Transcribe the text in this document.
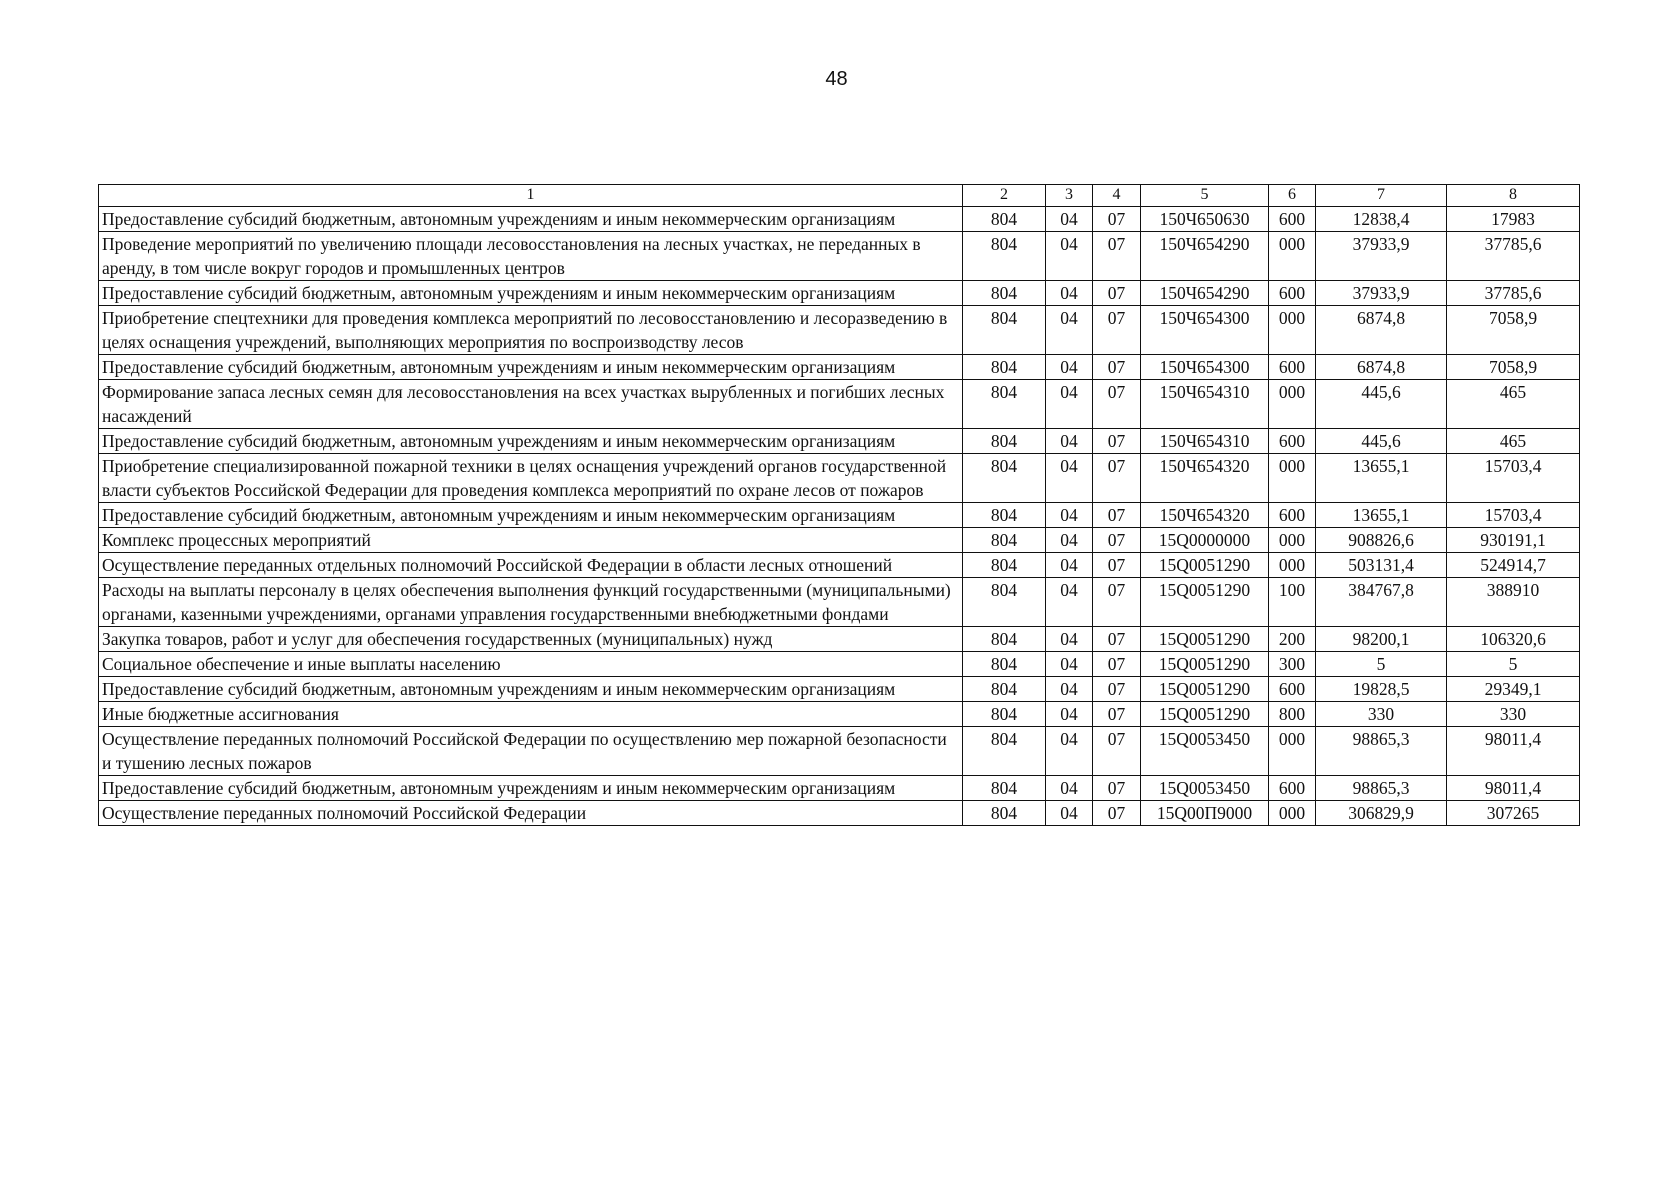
48
1	2	3	4	5	6	7	8
Предоставление субсидий бюджетным, автономным учреждениям и иным некоммерческим организациям	804	04	07	150Ч650630	600	12838,4	17983
Проведение мероприятий по увеличению площади лесовосстановления на лесных участках, не переданных в аренду, в том числе вокруг городов и промышленных центров	804	04	07	150Ч654290	000	37933,9	37785,6
Предоставление субсидий бюджетным, автономным учреждениям и иным некоммерческим организациям	804	04	07	150Ч654290	600	37933,9	37785,6
Приобретение спецтехники для проведения комплекса мероприятий по лесовосстановлению и лесоразведению в целях оснащения учреждений, выполняющих мероприятия по воспроизводству лесов	804	04	07	150Ч654300	000	6874,8	7058,9
Предоставление субсидий бюджетным, автономным учреждениям и иным некоммерческим организациям	804	04	07	150Ч654300	600	6874,8	7058,9
Формирование запаса лесных семян для лесовосстановления на всех участках вырубленных и погибших лесных насаждений	804	04	07	150Ч654310	000	445,6	465
Предоставление субсидий бюджетным, автономным учреждениям и иным некоммерческим организациям	804	04	07	150Ч654310	600	445,6	465
Приобретение специализированной пожарной техники в целях оснащения учреждений органов государственной власти субъектов Российской Федерации для проведения комплекса мероприятий по охране лесов от пожаров	804	04	07	150Ч654320	000	13655,1	15703,4
Предоставление субсидий бюджетным, автономным учреждениям и иным некоммерческим организациям	804	04	07	150Ч654320	600	13655,1	15703,4
Комплекс процессных мероприятий	804	04	07	15Q0000000	000	908826,6	930191,1
Осуществление переданных отдельных полномочий Российской Федерации в области лесных отношений	804	04	07	15Q0051290	000	503131,4	524914,7
Расходы на выплаты персоналу в целях обеспечения выполнения функций государственными (муниципальными) органами, казенными учреждениями, органами управления государственными внебюджетными фондами	804	04	07	15Q0051290	100	384767,8	388910
Закупка товаров, работ и услуг для обеспечения государственных (муниципальных) нужд	804	04	07	15Q0051290	200	98200,1	106320,6
Социальное обеспечение и иные выплаты населению	804	04	07	15Q0051290	300	5	5
Предоставление субсидий бюджетным, автономным учреждениям и иным некоммерческим организациям	804	04	07	15Q0051290	600	19828,5	29349,1
Иные бюджетные ассигнования	804	04	07	15Q0051290	800	330	330
Осуществление переданных полномочий Российской Федерации по осуществлению мер пожарной безопасности и тушению лесных пожаров	804	04	07	15Q0053450	000	98865,3	98011,4
Предоставление субсидий бюджетным, автономным учреждениям и иным некоммерческим организациям	804	04	07	15Q0053450	600	98865,3	98011,4
Осуществление переданных полномочий Российской Федерации	804	04	07	15Q00П9000	000	306829,9	307265
